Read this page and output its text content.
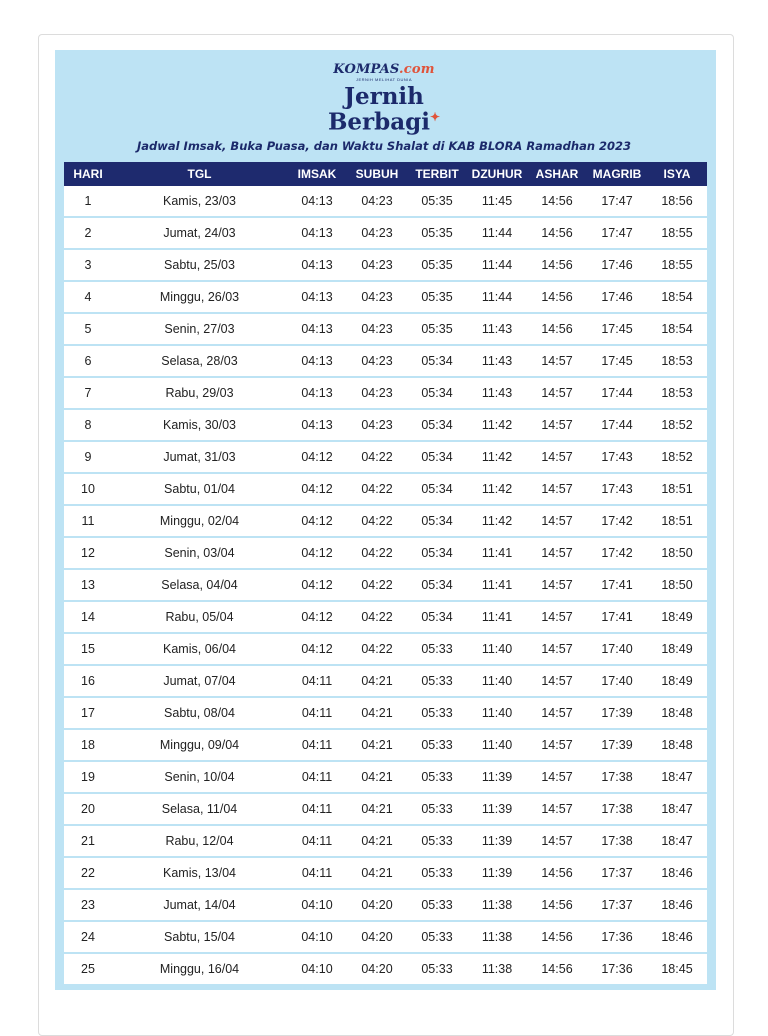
KOMPAS.com
JERNIH MELIHAT DUNIA
Jernih
Berbagi✦
Jadwal Imsak, Buka Puasa, dan Waktu Shalat di KAB BLORA Ramadhan 2023
HARI	TGL	IMSAK	SUBUH	TERBIT	DZUHUR	ASHAR	MAGRIB	ISYA
1	Kamis, 23/03	04:13	04:23	05:35	11:45	14:56	17:47	18:56
2	Jumat, 24/03	04:13	04:23	05:35	11:44	14:56	17:47	18:55
3	Sabtu, 25/03	04:13	04:23	05:35	11:44	14:56	17:46	18:55
4	Minggu, 26/03	04:13	04:23	05:35	11:44	14:56	17:46	18:54
5	Senin, 27/03	04:13	04:23	05:35	11:43	14:56	17:45	18:54
6	Selasa, 28/03	04:13	04:23	05:34	11:43	14:57	17:45	18:53
7	Rabu, 29/03	04:13	04:23	05:34	11:43	14:57	17:44	18:53
8	Kamis, 30/03	04:13	04:23	05:34	11:42	14:57	17:44	18:52
9	Jumat, 31/03	04:12	04:22	05:34	11:42	14:57	17:43	18:52
10	Sabtu, 01/04	04:12	04:22	05:34	11:42	14:57	17:43	18:51
11	Minggu, 02/04	04:12	04:22	05:34	11:42	14:57	17:42	18:51
12	Senin, 03/04	04:12	04:22	05:34	11:41	14:57	17:42	18:50
13	Selasa, 04/04	04:12	04:22	05:34	11:41	14:57	17:41	18:50
14	Rabu, 05/04	04:12	04:22	05:34	11:41	14:57	17:41	18:49
15	Kamis, 06/04	04:12	04:22	05:33	11:40	14:57	17:40	18:49
16	Jumat, 07/04	04:11	04:21	05:33	11:40	14:57	17:40	18:49
17	Sabtu, 08/04	04:11	04:21	05:33	11:40	14:57	17:39	18:48
18	Minggu, 09/04	04:11	04:21	05:33	11:40	14:57	17:39	18:48
19	Senin, 10/04	04:11	04:21	05:33	11:39	14:57	17:38	18:47
20	Selasa, 11/04	04:11	04:21	05:33	11:39	14:57	17:38	18:47
21	Rabu, 12/04	04:11	04:21	05:33	11:39	14:57	17:38	18:47
22	Kamis, 13/04	04:11	04:21	05:33	11:39	14:56	17:37	18:46
23	Jumat, 14/04	04:10	04:20	05:33	11:38	14:56	17:37	18:46
24	Sabtu, 15/04	04:10	04:20	05:33	11:38	14:56	17:36	18:46
25	Minggu, 16/04	04:10	04:20	05:33	11:38	14:56	17:36	18:45
